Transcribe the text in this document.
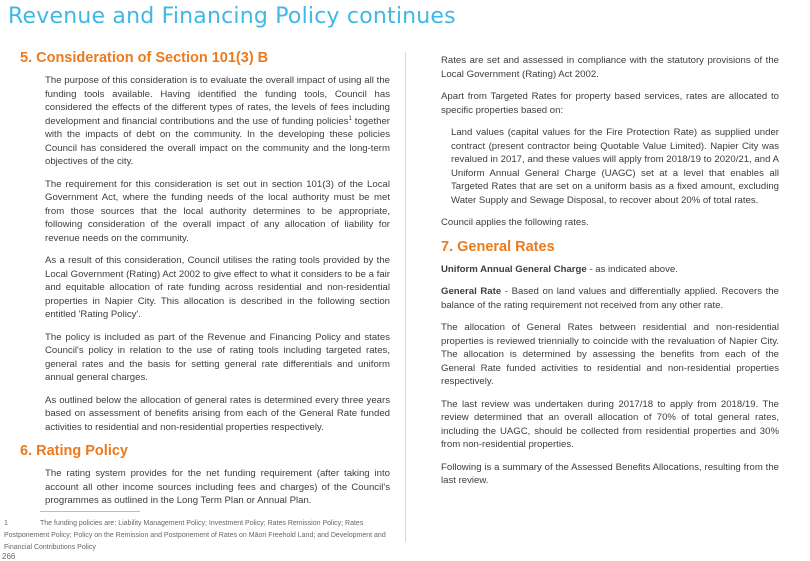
Revenue and Financing Policy continues
5. Consideration of Section 101(3) B

The purpose of this consideration is to evaluate the overall impact of using all the funding tools available. Having identified the funding tools, Council has considered the effects of the different types of rates, the levels of fees including development and financial contributions and the use of funding policies$^1$ together with the impacts of debt on the community. In the developing these policies Council has considered the overall impact on the community and the long-term objectives of the city.

The requirement for this consideration is set out in section 101(3) of the Local Government Act, where the funding needs of the local authority must be met from those sources that the local authority determines to be appropriate, following consideration of the overall impact of any allocation of liability for revenue needs on the community.

As a result of this consideration, Council utilises the rating tools provided by the Local Government (Rating) Act 2002 to give effect to what it considers to be a fair and equitable allocation of rate funding across residential and non-residential properties in Napier City. This allocation is described in the following section entitled 'Rating Policy'.

The policy is included as part of the Revenue and Financing Policy and states Council's policy in relation to the use of rating tools including targeted rates, general rates and the basis for setting general rate differentials and uniform annual general charges.

As outlined below the allocation of general rates is determined every three years based on assessment of benefits arising from each of the General Rate funded activities to residential and non-residential properties respectively.

6. Rating Policy

The rating system provides for the net funding requirement (after taking into account all other income sources including fees and charges) of the Council's programmes as outlined in the Long Term Plan or Annual Plan.

Rates are set and assessed in compliance with the statutory provisions of the Local Government (Rating) Act 2002.

Apart from Targeted Rates for property based services, rates are allocated to specific properties based on:

Land values (capital values for the Fire Protection Rate) as supplied under contract (present contractor being Quotable Value Limited). Napier City was revalued in 2017, and these values will apply from 2018/19 to 2020/21, and A Uniform Annual General Charge (UAGC) set at a level that enables all Targeted Rates that are set on a uniform basis as a fixed amount, excluding Water Supply and Sewage Disposal, to recover about 20% of total rates.

Council applies the following rates.

7. General Rates

Uniform Annual General Charge - as indicated above.

General Rate - Based on land values and differentially applied. Recovers the balance of the rating requirement not received from any other rate.

The allocation of General Rates between residential and non-residential properties is reviewed triennially to coincide with the revaluation of Napier City. The allocation is determined by assessing the benefits from each of the General Rate funded activities to residential and non-residential properties respectively.

The last review was undertaken during 2017/18 to apply from 2018/19. The review determined that an overall allocation of 70% of total general rates, including the UAGC, should be collected from residential properties and 30% from non-residential properties.

Following is a summary of the Assessed Benefits Allocations, resulting from the last review.

1	The funding policies are: Liability Management Policy; Investment Policy; Rates Remission Policy; Rates Postponement Policy; Policy on the Remission and Postponement of Rates on Māori Freehold Land; and Development and Financial Contributions Policy
266
